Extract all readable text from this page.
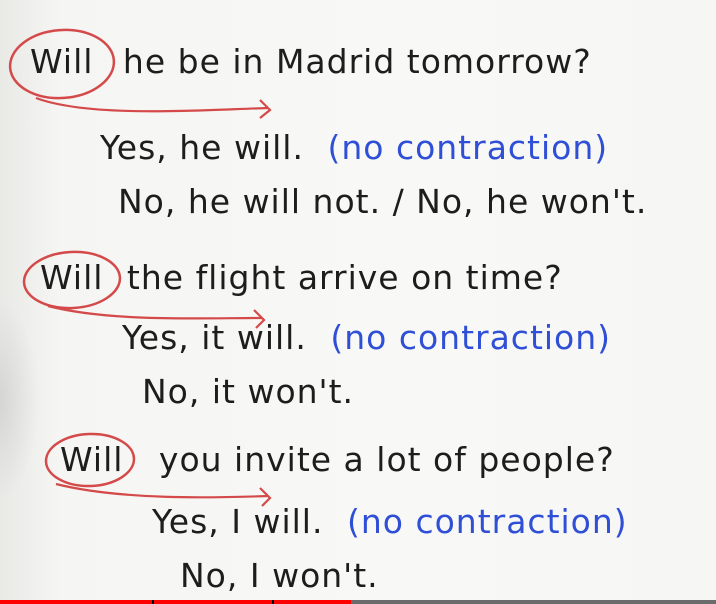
Will he be in Madrid tomorrow?
Yes, he will. (no contraction)
No, he will not. / No, he won't.
Will the flight arrive on time?
Yes, it will. (no contraction)
No, it won't.
Will you invite a lot of people?
Yes, I will. (no contraction)
No, I won't.
